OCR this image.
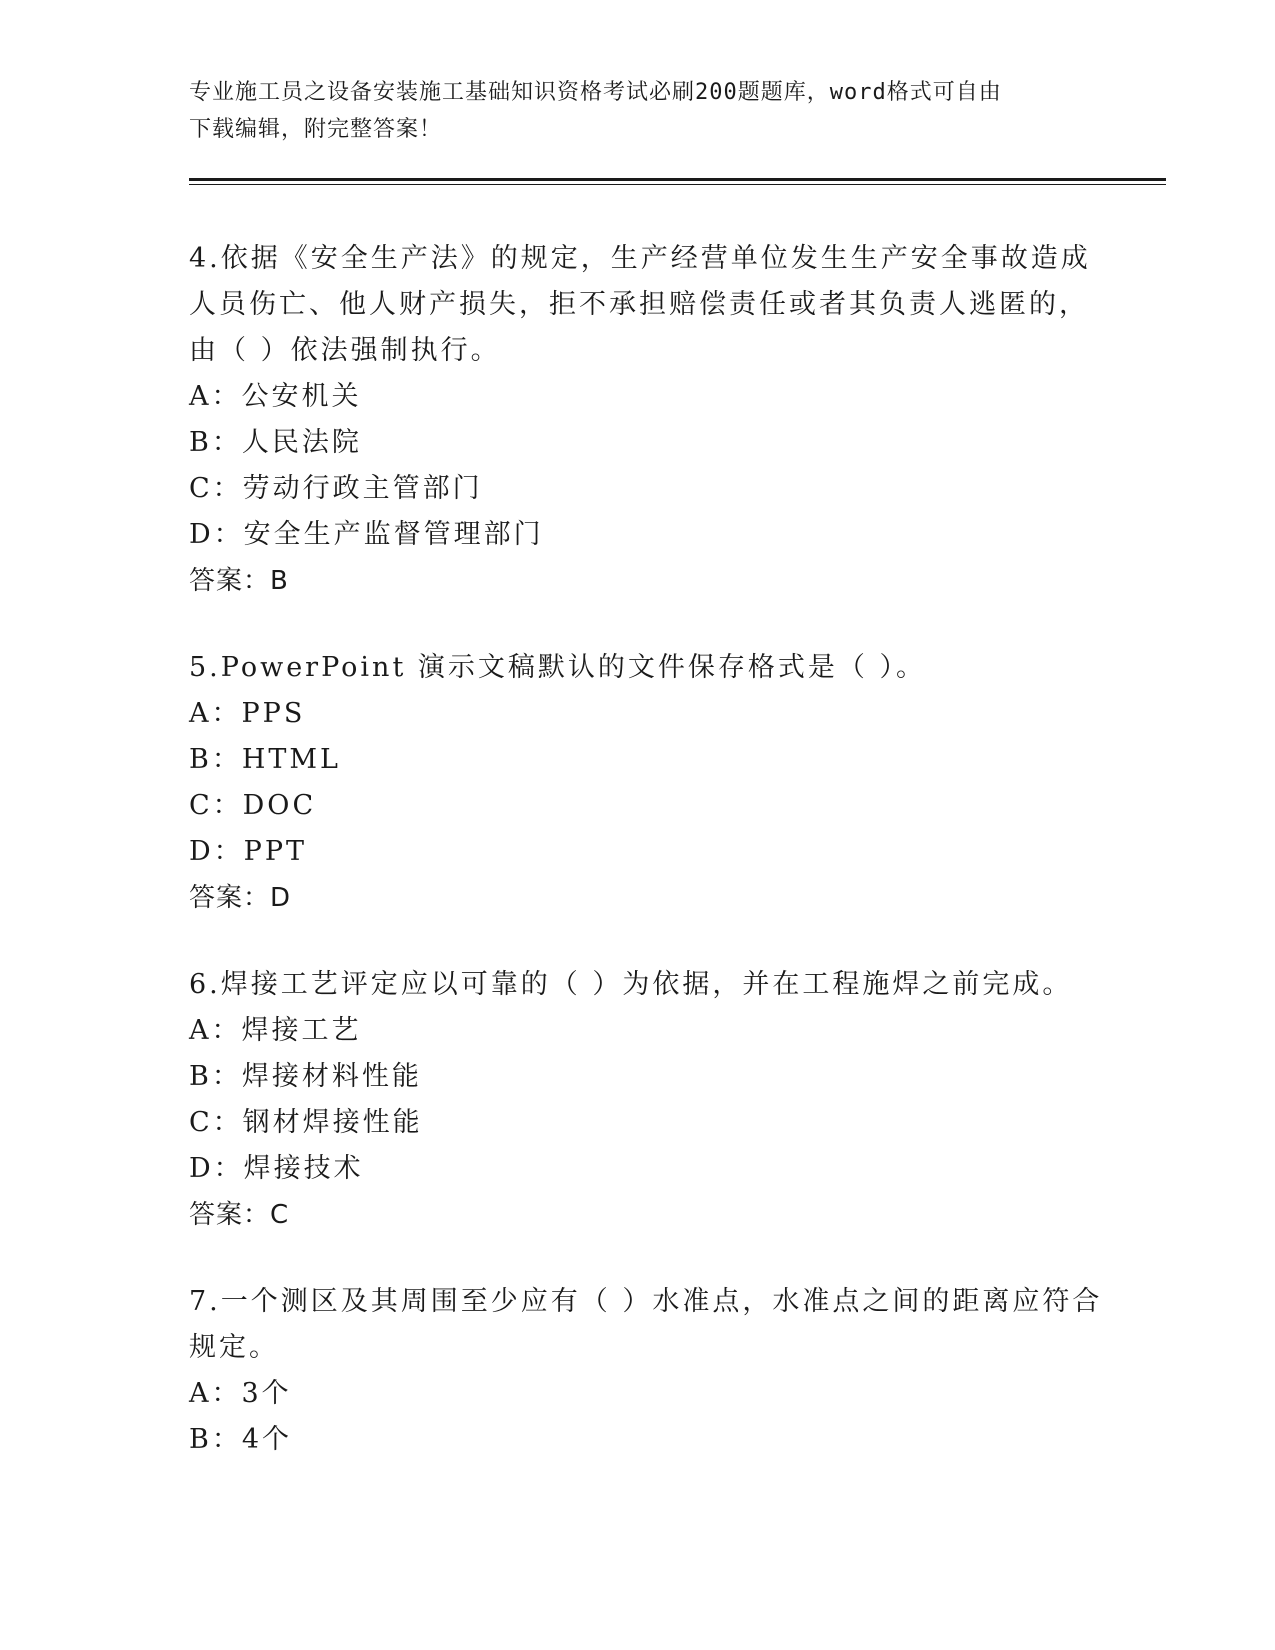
专业施工员之设备安装施工基础知识资格考试必刷200题题库，word格式可自由
下载编辑，附完整答案！
4.依据《安全生产法》的规定，生产经营单位发生生产安全事故造成
人员伤亡、他人财产损失，拒不承担赔偿责任或者其负责人逃匿的，
由（ ）依法强制执行。
A：公安机关
B：人民法院
C：劳动行政主管部门
D：安全生产监督管理部门
答案：B
5.PowerPoint 演示文稿默认的文件保存格式是（ ）。
A：PPS
B：HTML
C：DOC
D：PPT
答案：D
6.焊接工艺评定应以可靠的（ ）为依据，并在工程施焊之前完成。
A：焊接工艺
B：焊接材料性能
C：钢材焊接性能
D：焊接技术
答案：C
7.一个测区及其周围至少应有（ ）水准点，水准点之间的距离应符合
规定。
A：3个
B：4个
